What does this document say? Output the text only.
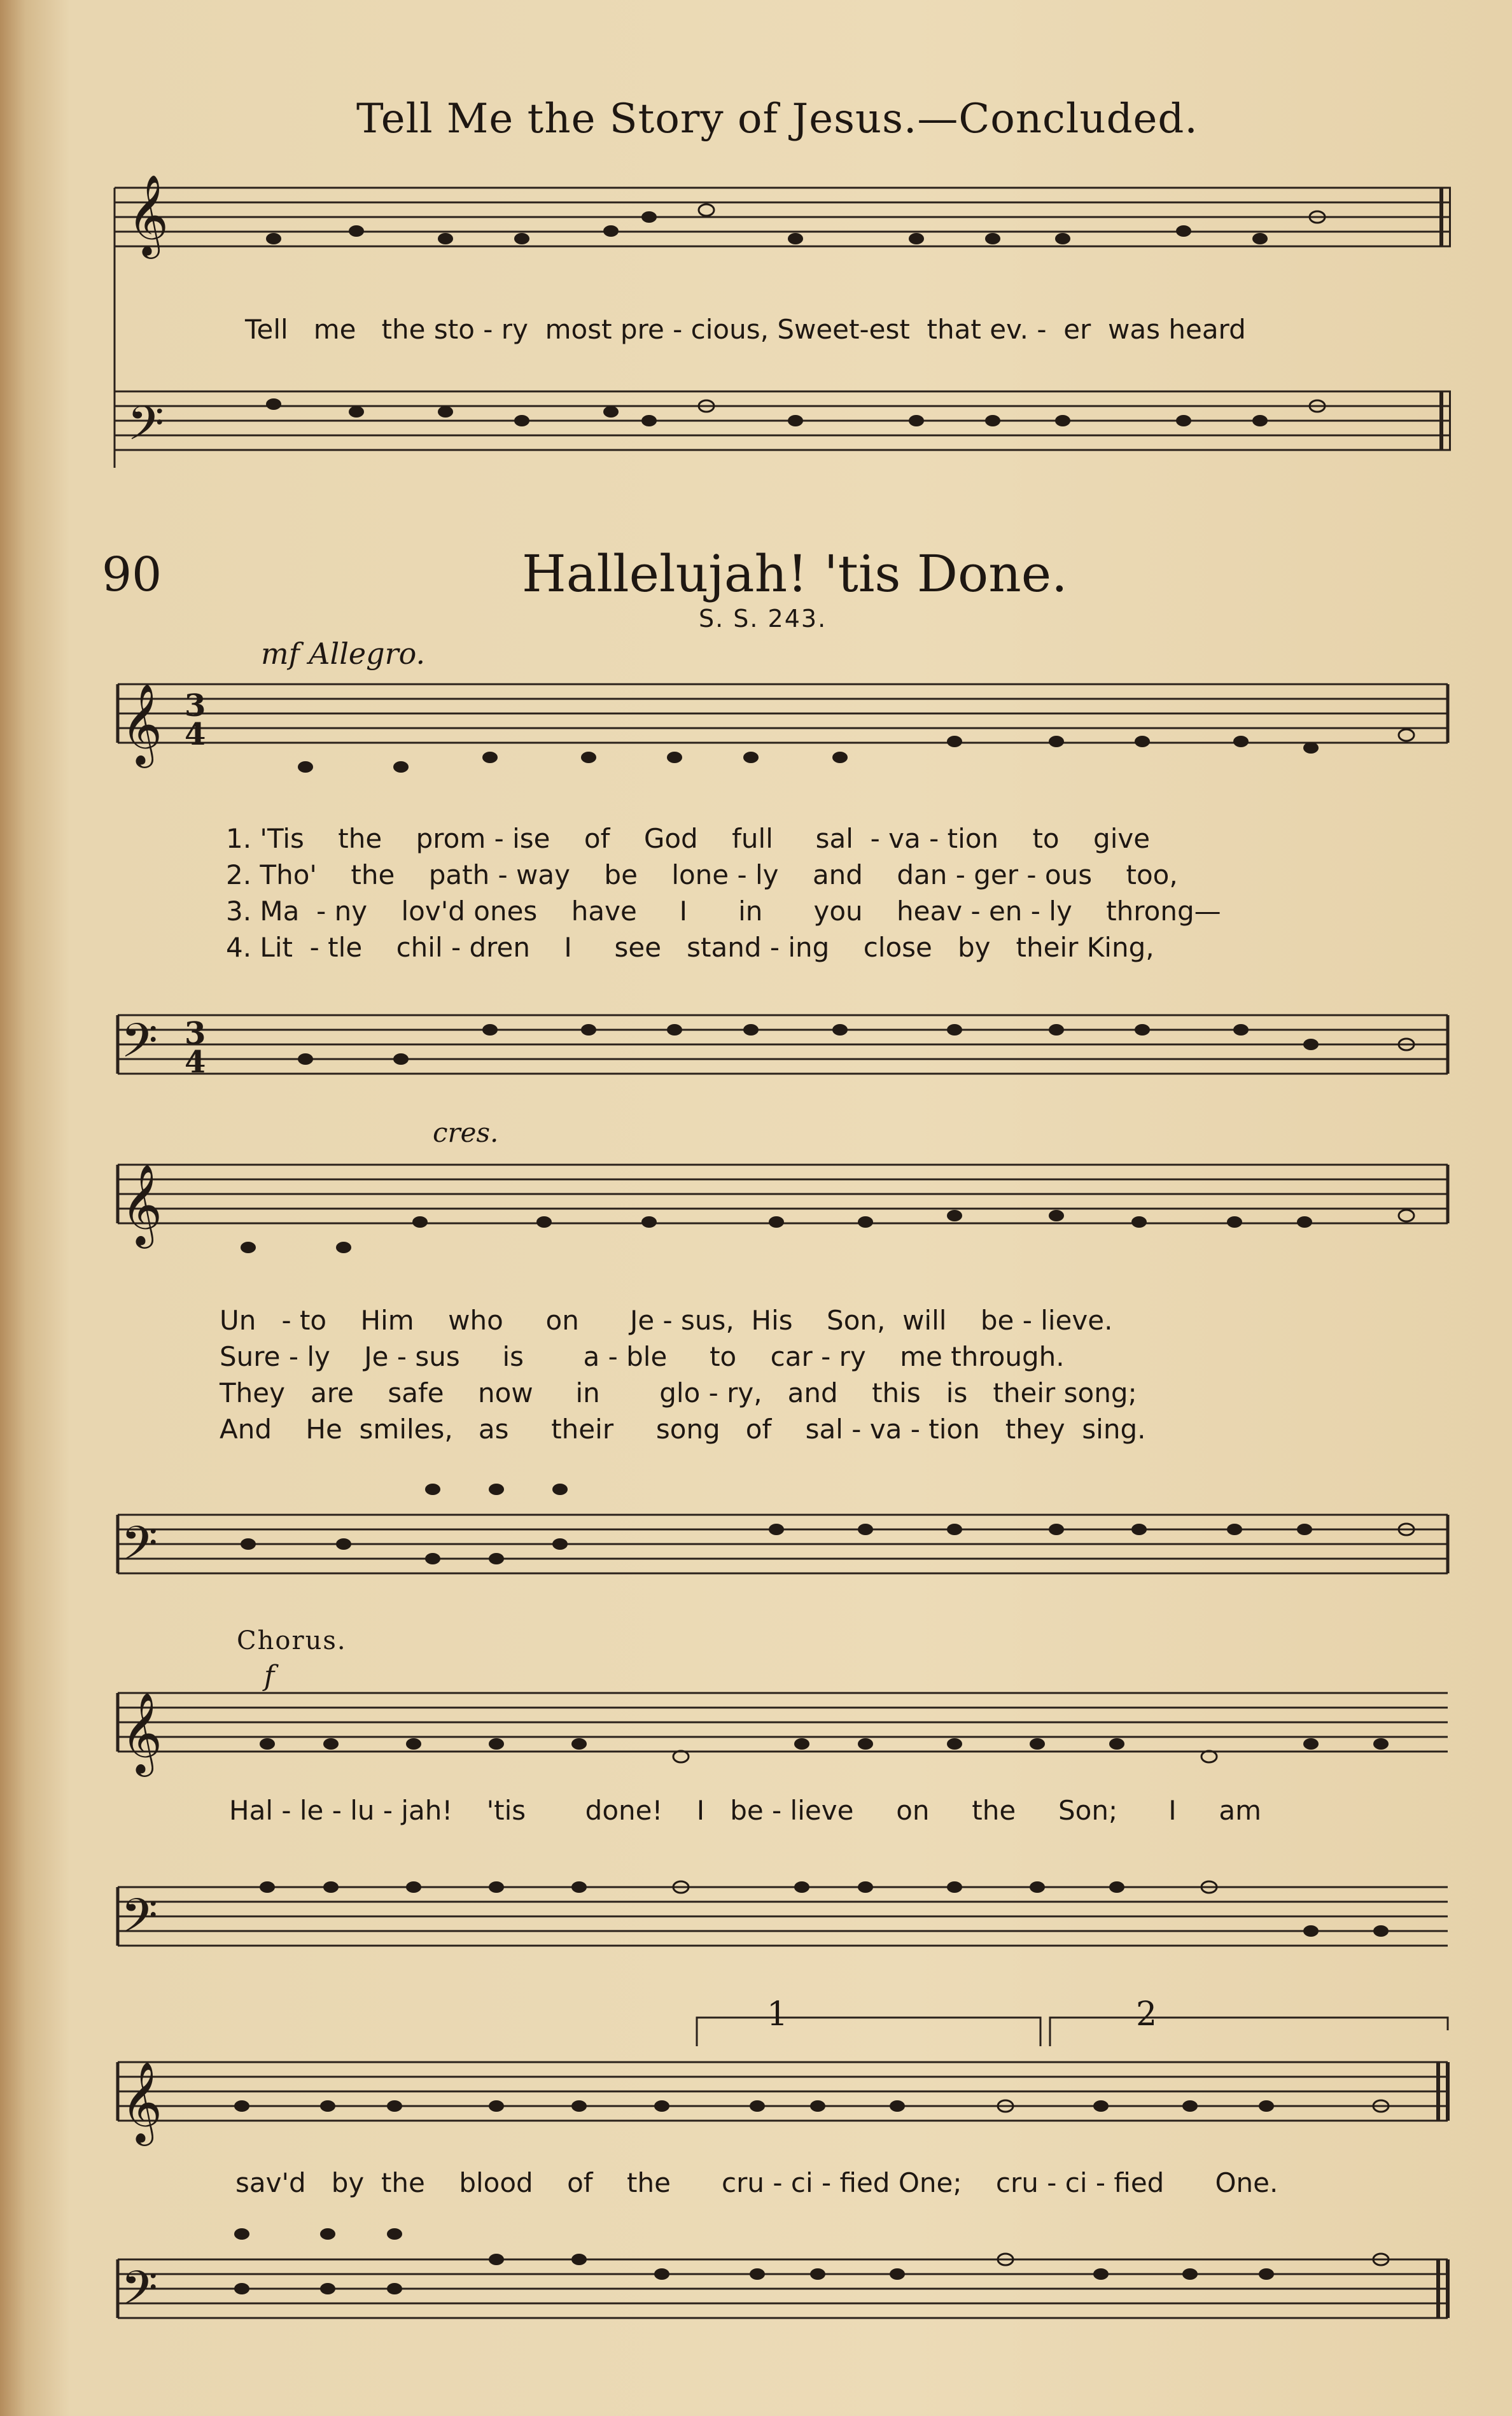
Tell Me the Story of Jesus.—Concluded.
𝄞
𝄢
Tell me the sto - ry most pre - cious, Sweet-est that ev. - er was heard
90	Hallelujah! 'tis Done.
S. S. 243.
mf Allegro.
𝄞 3
4
1. 'Tis the prom - ise of God full sal - va - tion to give
2. Tho' the path - way be lone - ly and dan - ger - ous too,
3. Ma - ny lov'd ones have I in you heav - en - ly throng—
4. Lit - tle chil - dren I see stand - ing close by their King,
𝄢 3
4
cres.
𝄞
Un - to Him who on Je - sus, His Son, will be - lieve.
Sure - ly Je - sus is a - ble to car - ry me through.
They are safe now in glo - ry, and this is their song;
And He smiles, as their song of sal - va - tion they sing.
𝄢
Chorus.
f
𝄞
Hal - le - lu - jah! 'tis done! I be - lieve on the Son; I am
𝄢
1	2
𝄞
sav'd by the blood of the cru - ci - fied One; cru - ci - fied One.
𝄢
